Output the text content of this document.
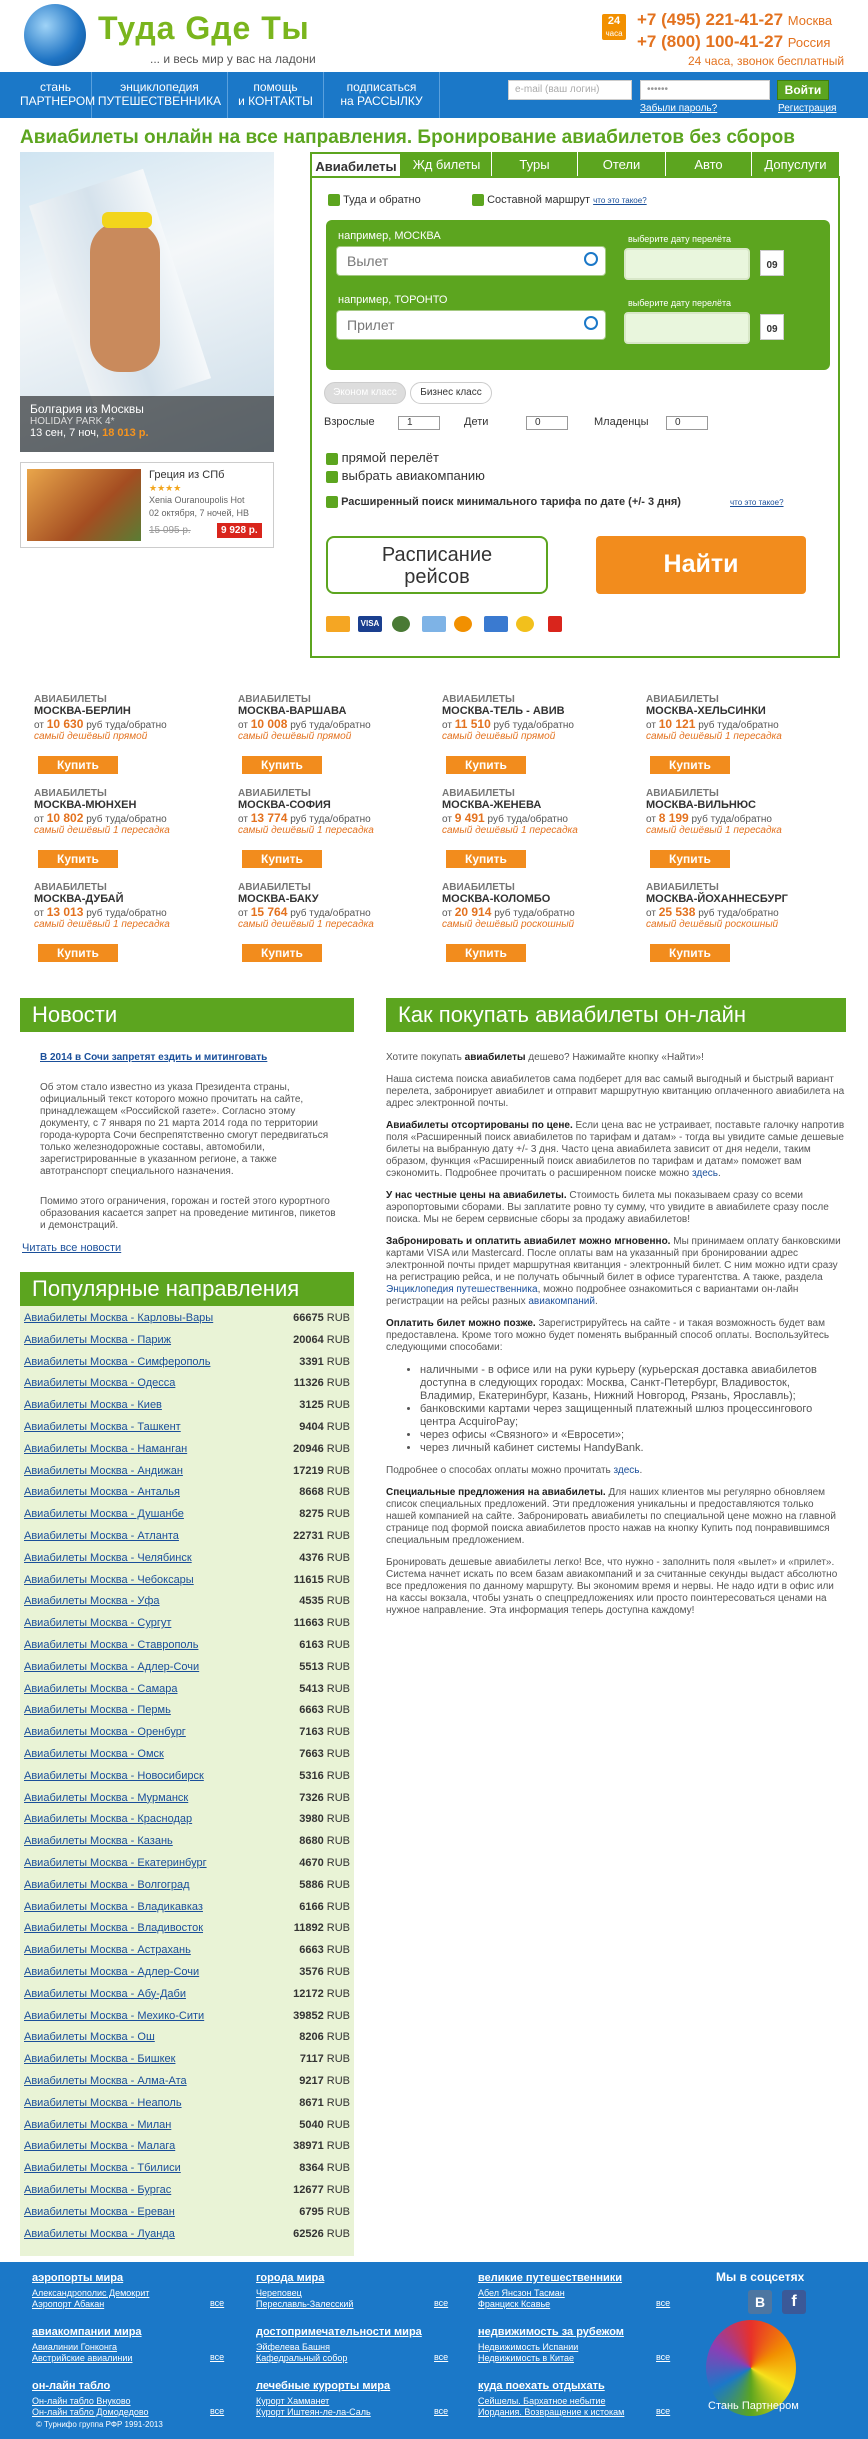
Туда Gде Ты
... и весь мир у вас на ладони
24
часа
+7 (495) 221-41-27 Москва
+7 (800) 100-41-27 Россия
24 часа, звонок бесплатный
стань
ПАРТНЕРОМ
энциклопедия
ПУТЕШЕСТВЕННИКА
помощь
и КОНТАКТЫ
подписаться
на РАССЫЛКУ
e-mail (ваш логин)	••••••	Войти
Забыли пароль?	Регистрация
Авиабилеты онлайн на все направления. Бронирование авиабилетов без сборов
Болгария из Москвы
HOLIDAY PARK 4*
13 сен, 7 ноч, 18 013 р.
Греция из СПб
★★★★
Xenia Ouranoupolis Hot
02 октября, 7 ночей, HB
15 095 р.	9 928 р.
Авиабилеты	Жд билеты	Туры	Отели	Авто	Допуслуги
Туда и обратно	Составной маршрут что это такое?
например, МОСКВА
Вылет
например, ТОРОНТО
Прилет
выберите дату перелёта
09
выберите дату перелёта
09
Эконом класс	Бизнес класс
Взрослые	1	Дети	0	Младенцы	0
прямой перелёт
выбрать авиакомпанию
Расширенный поиск минимального тарифа по дате (+/- 3 дня)	что это такое?
Расписание
рейсов	Найти
VISA
АВИАБИЛЕТЫ
МОСКВА-БЕРЛИН
от 10 630 руб туда/обратно
самый дешёвый прямой
Купить
АВИАБИЛЕТЫ
МОСКВА-ВАРШАВА
от 10 008 руб туда/обратно
самый дешёвый прямой
Купить
АВИАБИЛЕТЫ
МОСКВА-ТЕЛЬ - АВИВ
от 11 510 руб туда/обратно
самый дешёвый прямой
Купить
АВИАБИЛЕТЫ
МОСКВА-ХЕЛЬСИНКИ
от 10 121 руб туда/обратно
самый дешёвый 1 пересадка
Купить
АВИАБИЛЕТЫ
МОСКВА-МЮНХЕН
от 10 802 руб туда/обратно
самый дешёвый 1 пересадка
Купить
АВИАБИЛЕТЫ
МОСКВА-СОФИЯ
от 13 774 руб туда/обратно
самый дешёвый 1 пересадка
Купить
АВИАБИЛЕТЫ
МОСКВА-ЖЕНЕВА
от 9 491 руб туда/обратно
самый дешёвый 1 пересадка
Купить
АВИАБИЛЕТЫ
МОСКВА-ВИЛЬНЮС
от 8 199 руб туда/обратно
самый дешёвый 1 пересадка
Купить
АВИАБИЛЕТЫ
МОСКВА-ДУБАЙ
от 13 013 руб туда/обратно
самый дешёвый 1 пересадка
Купить
АВИАБИЛЕТЫ
МОСКВА-БАКУ
от 15 764 руб туда/обратно
самый дешёвый 1 пересадка
Купить
АВИАБИЛЕТЫ
МОСКВА-КОЛОМБО
от 20 914 руб туда/обратно
самый дешёвый роскошный
Купить
АВИАБИЛЕТЫ
МОСКВА-ЙОХАННЕСБУРГ
от 25 538 руб туда/обратно
самый дешёвый роскошный
Купить
Новости
В 2014 в Сочи запретят ездить и митинговать
Об этом стало известно из указа Президента страны, официальный текст которого можно прочитать на сайте, принадлежащем «Российской газете». Согласно этому документу, с 7 января по 21 марта 2014 года по территории города-курорта Сочи беспрепятственно смогут передвигаться только железнодорожные составы, автомобили, зарегистрированные в указанном регионе, а также автотранспорт специального назначения.
Помимо этого ограничения, горожан и гостей этого курортного образования касается запрет на проведение митингов, пикетов и демонстраций.
Читать все новости
Популярные направления
Авиабилеты Москва - Карловы-Вары	66675 RUB
Авиабилеты Москва - Париж	20064 RUB
Авиабилеты Москва - Симферополь	3391 RUB
Авиабилеты Москва - Одесса	11326 RUB
Авиабилеты Москва - Киев	3125 RUB
Авиабилеты Москва - Ташкент	9404 RUB
Авиабилеты Москва - Наманган	20946 RUB
Авиабилеты Москва - Андижан	17219 RUB
Авиабилеты Москва - Анталья	8668 RUB
Авиабилеты Москва - Душанбе	8275 RUB
Авиабилеты Москва - Атланта	22731 RUB
Авиабилеты Москва - Челябинск	4376 RUB
Авиабилеты Москва - Чебоксары	11615 RUB
Авиабилеты Москва - Уфа	4535 RUB
Авиабилеты Москва - Сургут	11663 RUB
Авиабилеты Москва - Ставрополь	6163 RUB
Авиабилеты Москва - Адлер-Сочи	5513 RUB
Авиабилеты Москва - Самара	5413 RUB
Авиабилеты Москва - Пермь	6663 RUB
Авиабилеты Москва - Оренбург	7163 RUB
Авиабилеты Москва - Омск	7663 RUB
Авиабилеты Москва - Новосибирск	5316 RUB
Авиабилеты Москва - Мурманск	7326 RUB
Авиабилеты Москва - Краснодар	3980 RUB
Авиабилеты Москва - Казань	8680 RUB
Авиабилеты Москва - Екатеринбург	4670 RUB
Авиабилеты Москва - Волгоград	5886 RUB
Авиабилеты Москва - Владикавказ	6166 RUB
Авиабилеты Москва - Владивосток	11892 RUB
Авиабилеты Москва - Астрахань	6663 RUB
Авиабилеты Москва - Адлер-Сочи	3576 RUB
Авиабилеты Москва - Абу-Даби	12172 RUB
Авиабилеты Москва - Мехико-Сити	39852 RUB
Авиабилеты Москва - Ош	8206 RUB
Авиабилеты Москва - Бишкек	7117 RUB
Авиабилеты Москва - Алма-Ата	9217 RUB
Авиабилеты Москва - Неаполь	8671 RUB
Авиабилеты Москва - Милан	5040 RUB
Авиабилеты Москва - Малага	38971 RUB
Авиабилеты Москва - Тбилиси	8364 RUB
Авиабилеты Москва - Бургас	12677 RUB
Авиабилеты Москва - Ереван	6795 RUB
Авиабилеты Москва - Луанда	62526 RUB
Как покупать авиабилеты он-лайн

Хотите покупать авиабилеты дешево? Нажимайте кнопку «Найти»!

Наша система поиска авиабилетов сама подберет для вас самый выгодный и быстрый вариант перелета, забронирует авиабилет и отправит маршрутную квитанцию оплаченного авиабилета на адрес электронной почты.

Авиабилеты отсортированы по цене. Если цена вас не устраивает, поставьте галочку напротив поля «Расширенный поиск авиабилетов по тарифам и датам» - тогда вы увидите самые дешевые билеты на выбранную дату +/- 3 дня. Часто цена авиабилета зависит от дня недели, таким образом, функция «Расширенный поиск авиабилетов по тарифам и датам» поможет вам сэкономить. Подробнее прочитать о расширенном поиске можно здесь.

У нас честные цены на авиабилеты. Стоимость билета мы показываем сразу со всеми аэропортовыми сборами. Вы заплатите ровно ту сумму, что увидите в авиабилете сразу после поиска. Мы не берем сервисные сборы за продажу авиабилетов!

Забронировать и оплатить авиабилет можно мгновенно. Мы принимаем оплату банковскими картами VISA или Mastercard. После оплаты вам на указанный при бронировании адрес электронной почты придет маршрутная квитанция - электронный билет. С ним можно идти сразу на регистрацию рейса, и не получать обычный билет в офисе турагентства. А также, раздела Энциклопедия путешественника, можно подробнее ознакомиться с вариантами он-лайн регистрации на рейсы разных авиакомпаний.

Оплатить билет можно позже. Зарегистрируйтесь на сайте - и такая возможность будет вам предоставлена. Кроме того можно будет поменять выбранный способ оплаты. Воспользуйтесь следующими способами:

• наличными - в офисе или на руки курьеру (курьерская доставка авиабилетов доступна в следующих городах: Москва, Санкт-Петербург, Владивосток, Владимир, Екатеринбург, Казань, Нижний Новгород, Рязань, Ярославль);
• банковскими картами через защищенный платежный шлюз процессингового центра AcquiroPay;
• через офисы «Связного» и «Евросети»;
• через личный кабинет системы HandyBank.

Подробнее о способах оплаты можно прочитать здесь.

Специальные предложения на авиабилеты. Для наших клиентов мы регулярно обновляем список специальных предложений. Эти предложения уникальны и предоставляются только нашей компанией на сайте. Забронировать авиабилеты по специальной цене можно на главной странице под формой поиска авиабилетов просто нажав на кнопку Купить под понравившимся специальным предложением.

Бронировать дешевые авиабилеты легко! Все, что нужно - заполнить поля «вылет» и «прилет». Система начнет искать по всем базам авиакомпаний и за считанные секунды выдаст абсолютно все предложения по данному маршруту. Вы экономим время и нервы. Не надо идти в офис или на кассы вокзала, чтобы узнать о спецпредложениях или просто поинтересоваться ценами на нужное направление. Эта информация теперь доступна каждому!

Мы в соцсетях
В	f
Стань Партнером
© Турнифо группа РФР 1991-2013
аэропорты мира
Александрополис Демокрит
Аэропорт Абакан	все
авиакомпании мира
Авиалинии Гонконга
Австрийские авиалинии	все
он-лайн табло
Он-лайн табло Внуково
Он-лайн табло Домодедово	все
города мира
Череповец
Переславль-Залесский	все
достопримечательности мира
Эйфелева Башня
Кафедральный собор	все
лечебные курорты мира
Курорт Хамманет
Курорт Иштеян-ле-ла-Саль	все
великие путешественники
Абел Янсзон Тасман
Франциск Ксавье	все
недвижимость за рубежом
Недвижимость Испании
Недвижимость в Китае	все
куда поехать отдыхать
Сейшелы. Бархатное небытие
Иордания. Возвращение к истокам	все
